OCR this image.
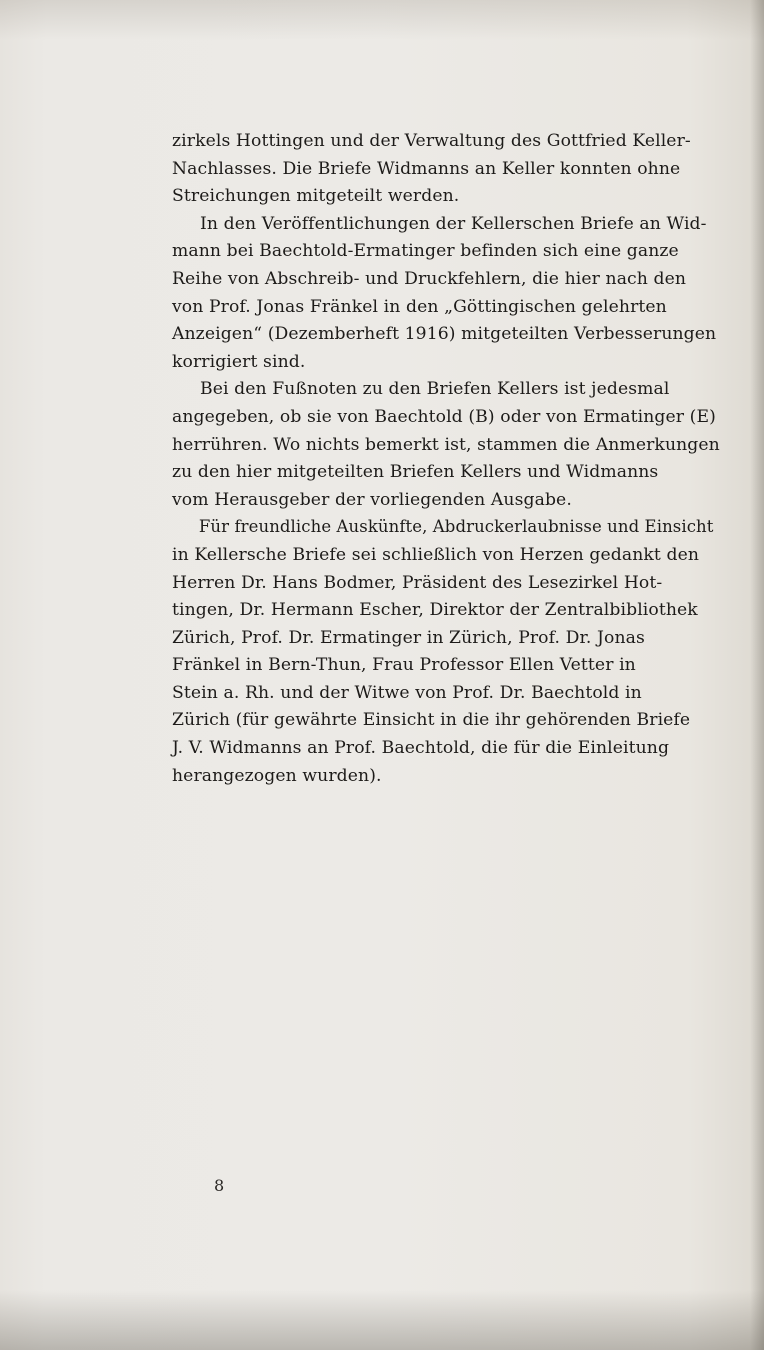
zirkels Hottingen und der Verwaltung des Gottfried Keller-
Nachlasses. Die Briefe Widmanns an Keller konnten ohne
Streichungen mitgeteilt werden.

In den Veröffentlichungen der Kellerschen Briefe an Wid-
mann bei Baechtold-Ermatinger befinden sich eine ganze
Reihe von Abschreib- und Druckfehlern, die hier nach den
von Prof. Jonas Fränkel in den „Göttingischen gelehrten
Anzeigen“ (Dezemberheft 1916) mitgeteilten Verbesserungen
korrigiert sind.

Bei den Fußnoten zu den Briefen Kellers ist jedesmal
angegeben, ob sie von Baechtold (B) oder von Ermatinger (E)
herrühren. Wo nichts bemerkt ist, stammen die Anmerkungen
zu den hier mitgeteilten Briefen Kellers und Widmanns
vom Herausgeber der vorliegenden Ausgabe.

Für freundliche Auskünfte, Abdruckerlaubnisse und Einsicht
in Kellersche Briefe sei schließlich von Herzen gedankt den
Herren Dr. Hans Bodmer, Präsident des Lesezirkel Hot-
tingen, Dr. Hermann Escher, Direktor der Zentralbibliothek
Zürich, Prof. Dr. Ermatinger in Zürich, Prof. Dr. Jonas
Fränkel in Bern-Thun, Frau Professor Ellen Vetter in
Stein a. Rh. und der Witwe von Prof. Dr. Baechtold in
Zürich (für gewährte Einsicht in die ihr gehörenden Briefe
J. V. Widmanns an Prof. Baechtold, die für die Einleitung
herangezogen wurden).

8
